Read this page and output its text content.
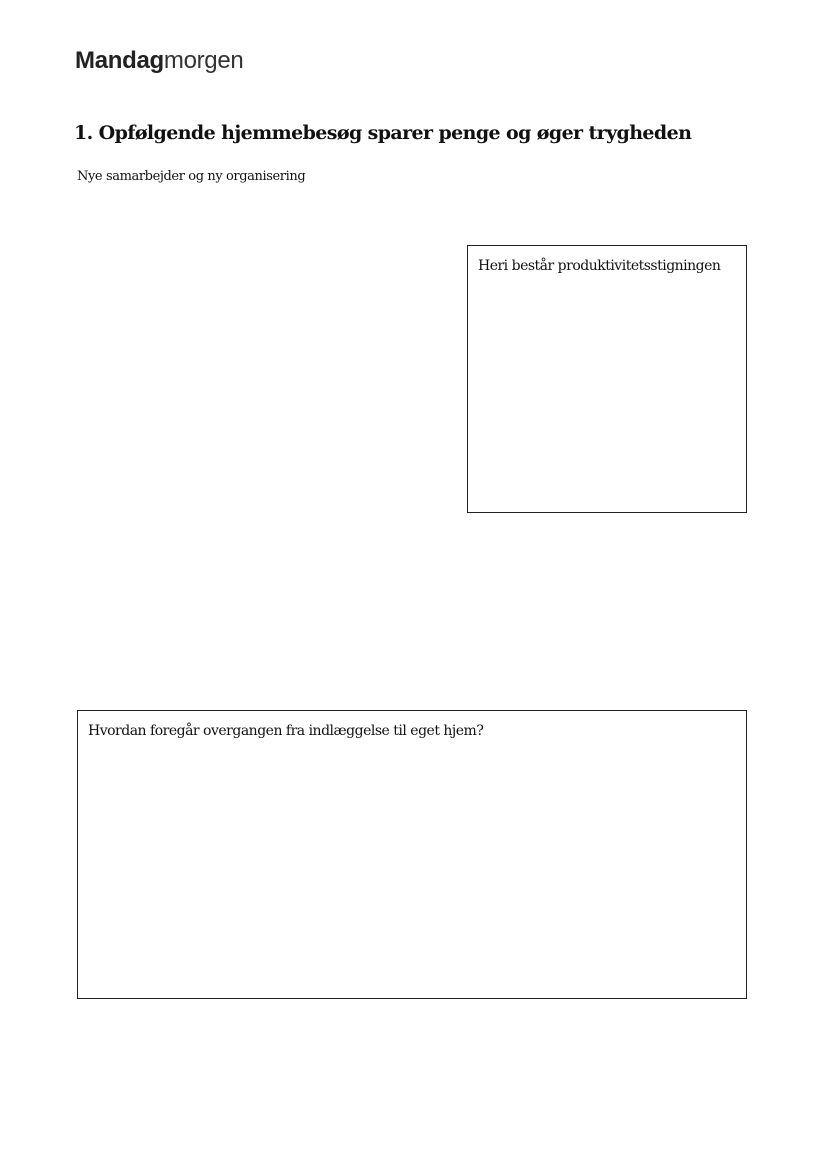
Mandagmorgen
1. Opfølgende hjemmebesøg sparer penge og øger trygheden
Nye samarbejder og ny organisering
Heri består produktivitetsstigningen
Hvordan foregår overgangen fra indlæggelse til eget hjem?
